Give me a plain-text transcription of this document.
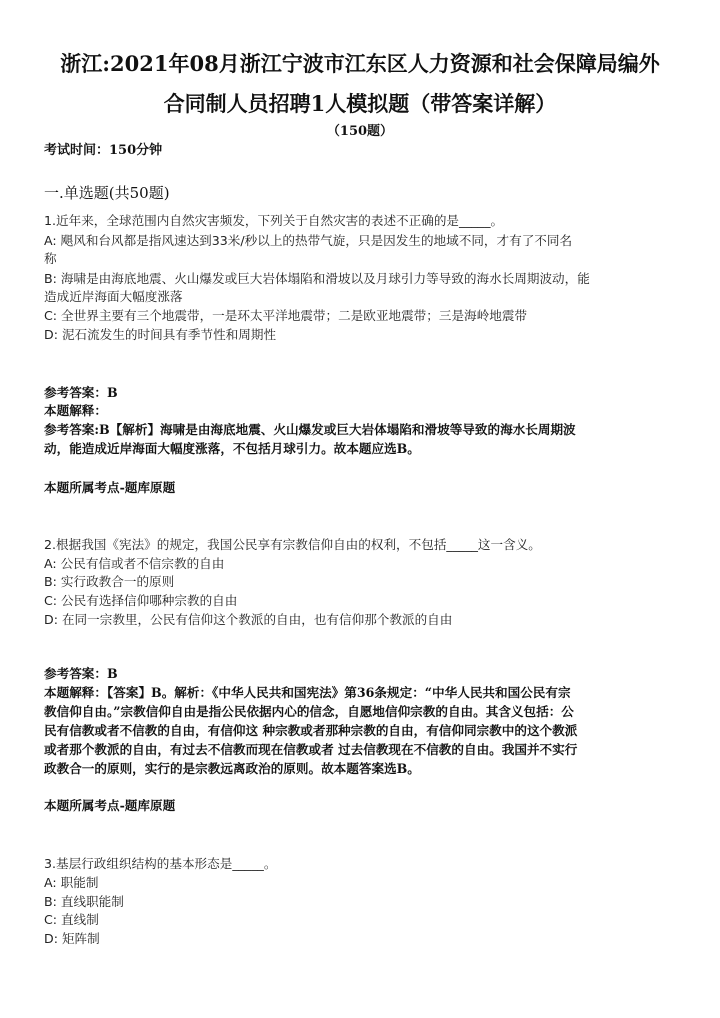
浙江:2021年08月浙江宁波市江东区人力资源和社会保障局编外
合同制人员招聘1人模拟题（带答案详解）
（150题）
考试时间：150分钟
一.单选题(共50题)
1.近年来，全球范围内自然灾害频发，下列关于自然灾害的表述不正确的是_____。
A: 飓风和台风都是指风速达到33米/秒以上的热带气旋，只是因发生的地域不同，才有了不同名
称
B: 海啸是由海底地震、火山爆发或巨大岩体塌陷和滑坡以及月球引力等导致的海水长周期波动，能
造成近岸海面大幅度涨落
C: 全世界主要有三个地震带，一是环太平洋地震带；二是欧亚地震带；三是海岭地震带
D: 泥石流发生的时间具有季节性和周期性
参考答案：B
本题解释：
参考答案:B【解析】海啸是由海底地震、火山爆发或巨大岩体塌陷和滑坡等导致的海水长周期波
动，能造成近岸海面大幅度涨落，不包括月球引力。故本题应选B。
本题所属考点-题库原题
2.根据我国《宪法》的规定，我国公民享有宗教信仰自由的权利，不包括_____这一含义。
A: 公民有信或者不信宗教的自由
B: 实行政教合一的原则
C: 公民有选择信仰哪种宗教的自由
D: 在同一宗教里，公民有信仰这个教派的自由，也有信仰那个教派的自由
参考答案：B
本题解释：【答案】B。解析：《中华人民共和国宪法》第36条规定：“中华人民共和国公民有宗
教信仰自由。”宗教信仰自由是指公民依据内心的信念，自愿地信仰宗教的自由。其含义包括：公
民有信教或者不信教的自由，有信仰这 种宗教或者那种宗教的自由，有信仰同宗教中的这个教派
或者那个教派的自由，有过去不信教而现在信教或者 过去信教现在不信教的自由。我国并不实行
政教合一的原则，实行的是宗教远离政治的原则。故本题答案选B。
本题所属考点-题库原题
3.基层行政组织结构的基本形态是_____。
A: 职能制
B: 直线职能制
C: 直线制
D: 矩阵制
